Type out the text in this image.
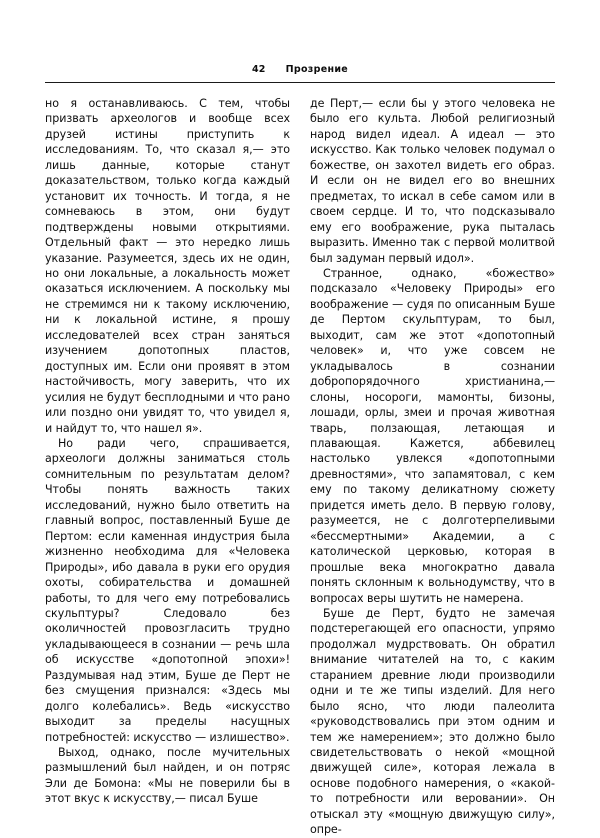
42 Прозрение

но я останавливаюсь. С тем, чтобы призвать археологов и вообще всех друзей истины приступить к исследованиям. То, что сказал я,— это лишь данные, которые станут доказательством, только когда каждый установит их точность. И тогда, я не сомневаюсь в этом, они будут подтверждены новыми открытиями. Отдельный факт — это нередко лишь указание. Разумеется, здесь их не один, но они локальные, а локальность может оказаться исключением. А поскольку мы не стремимся ни к такому исключению, ни к локальной истине, я прошу исследователей всех стран заняться изучением допотопных пластов, доступных им. Если они проявят в этом настойчивость, могу заверить, что их усилия не будут бесплодными и что рано или поздно они увидят то, что увидел я, и найдут то, что нашел я».

Но ради чего, спрашивается, археологи должны заниматься столь сомнительным по результатам делом? Чтобы понять важность таких исследований, нужно было ответить на главный вопрос, поставленный Буше де Пертом: если каменная индустрия была жизненно необходима для «Человека Природы», ибо давала в руки его орудия охоты, собирательства и домашней работы, то для чего ему потребовались скульптуры? Следовало без околичностей провозгласить трудно укладывающееся в сознании — речь шла об искусстве «допотопной эпохи»! Раздумывая над этим, Буше де Перт не без смущения признался: «Здесь мы долго колебались». Ведь «искусство выходит за пределы насущных потребностей: искусство — излишество».

Выход, однако, после мучительных размышлений был найден, и он потряс Эли де Бомона: «Мы не поверили бы в этот вкус к искусству,— писал Буше

де Перт,— если бы у этого человека не было его культа. Любой религиозный народ видел идеал. А идеал — это искусство. Как только человек подумал о божестве, он захотел видеть его образ. И если он не видел его во внешних предметах, то искал в себе самом или в своем сердце. И то, что подсказывало ему его воображение, рука пыталась выразить. Именно так с первой молитвой был задуман первый идол».

Странное, однако, «божество» подсказало «Человеку Природы» его воображение — судя по описанным Буше де Пертом скульптурам, то был, выходит, сам же этот «допотопный человек» и, что уже совсем не укладывалось в сознании добропорядочного христианина,— слоны, носороги, мамонты, бизоны, лошади, орлы, змеи и прочая животная тварь, ползающая, летающая и плавающая. Кажется, аббевилец настолько увлекся «допотопными древностями», что запамятовал, с кем ему по такому деликатному сюжету придется иметь дело. В первую голову, разумеется, не с долготерпеливыми «бессмертными» Академии, а с католической церковью, которая в прошлые века многократно давала понять склонным к вольнодумству, что в вопросах веры шутить не намерена.

Буше де Перт, будто не замечая подстерегающей его опасности, упрямо продолжал мудрствовать. Он обратил внимание читателей на то, с каким старанием древние люди производили одни и те же типы изделий. Для него было ясно, что люди палеолита «руководствовались при этом одним и тем же намерением»; это должно было свидетельствовать о некой «мощной движущей силе», которая лежала в основе подобного намерения, о «какой-то потребности или веровании». Он отыскал эту «мощную движущую силу», опре-
